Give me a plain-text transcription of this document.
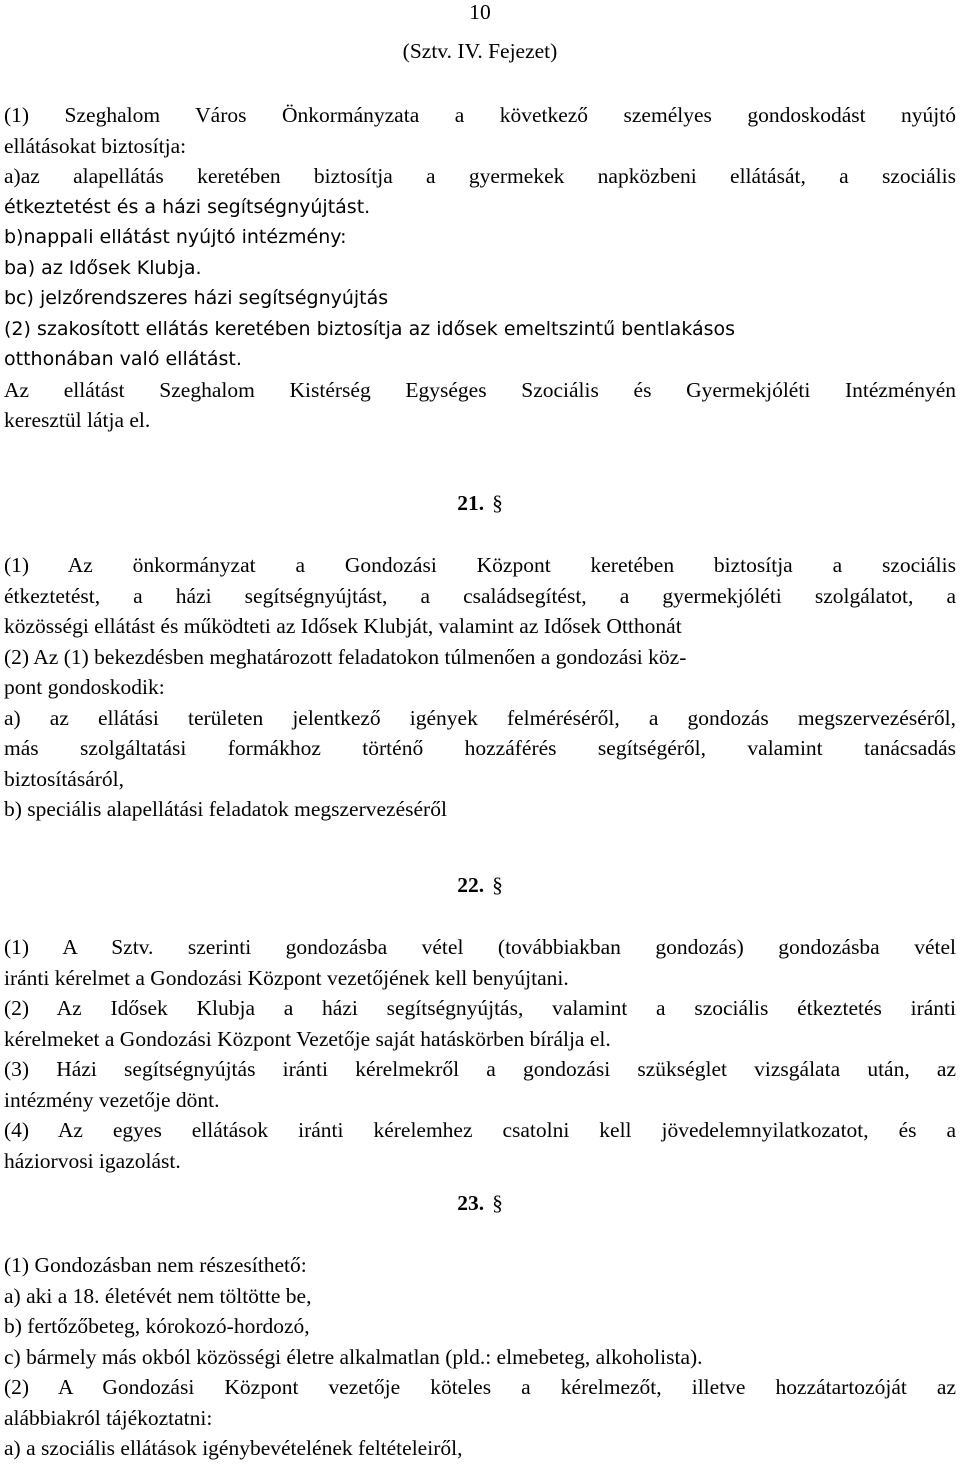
10
(Sztv. IV. Fejezet)

(1) Szeghalom Város Önkormányzata a következő személyes gondoskodást nyújtó

ellátásokat biztosítja:

a)az alapellátás keretében biztosítja a gyermekek napközbeni ellátását, a szociális

étkeztetést és a házi segítségnyújtást.

b)nappali ellátást nyújtó intézmény:

ba) az Idősek Klubja.

bc) jelzőrendszeres házi segítségnyújtás

(2) szakosított ellátás keretében biztosítja az idősek emeltszintű bentlakásos

otthonában való ellátást.

Az ellátást Szeghalom Kistérség Egységes Szociális és Gyermekjóléti Intézményén

keresztül látja el.

21. §

(1) Az önkormányzat a Gondozási Központ keretében biztosítja a szociális

étkeztetést, a házi segítségnyújtást, a családsegítést, a gyermekjóléti szolgálatot, a

közösségi ellátást és működteti az Idősek Klubját, valamint az Idősek Otthonát

(2) Az (1) bekezdésben meghatározott feladatokon túlmenően a gondozási köz-

pont gondoskodik:

a) az ellátási területen jelentkező igények felméréséről, a gondozás megszervezéséről,

más szolgáltatási formákhoz történő hozzáférés segítségéről, valamint tanácsadás

biztosításáról,

b) speciális alapellátási feladatok megszervezéséről

22. §

(1) A Sztv. szerinti gondozásba vétel (továbbiakban gondozás) gondozásba vétel

iránti kérelmet a Gondozási Központ vezetőjének kell benyújtani.

(2) Az Idősek Klubja a házi segítségnyújtás, valamint a szociális étkeztetés iránti

kérelmeket a Gondozási Központ Vezetője saját hatáskörben bírálja el.

(3) Házi segítségnyújtás iránti kérelmekről a gondozási szükséglet vizsgálata után, az

intézmény vezetője dönt.

(4) Az egyes ellátások iránti kérelemhez csatolni kell jövedelemnyilatkozatot, és a

háziorvosi igazolást.

23. §

(1) Gondozásban nem részesíthető:

a) aki a 18. életévét nem töltötte be,

b) fertőzőbeteg, kórokozó-hordozó,

c) bármely más okból közösségi életre alkalmatlan (pld.: elmebeteg, alkoholista).

(2) A Gondozási Központ vezetője köteles a kérelmezőt, illetve hozzátartozóját az

alábbiakról tájékoztatni:

a) a szociális ellátások igénybevételének feltételeiről,
